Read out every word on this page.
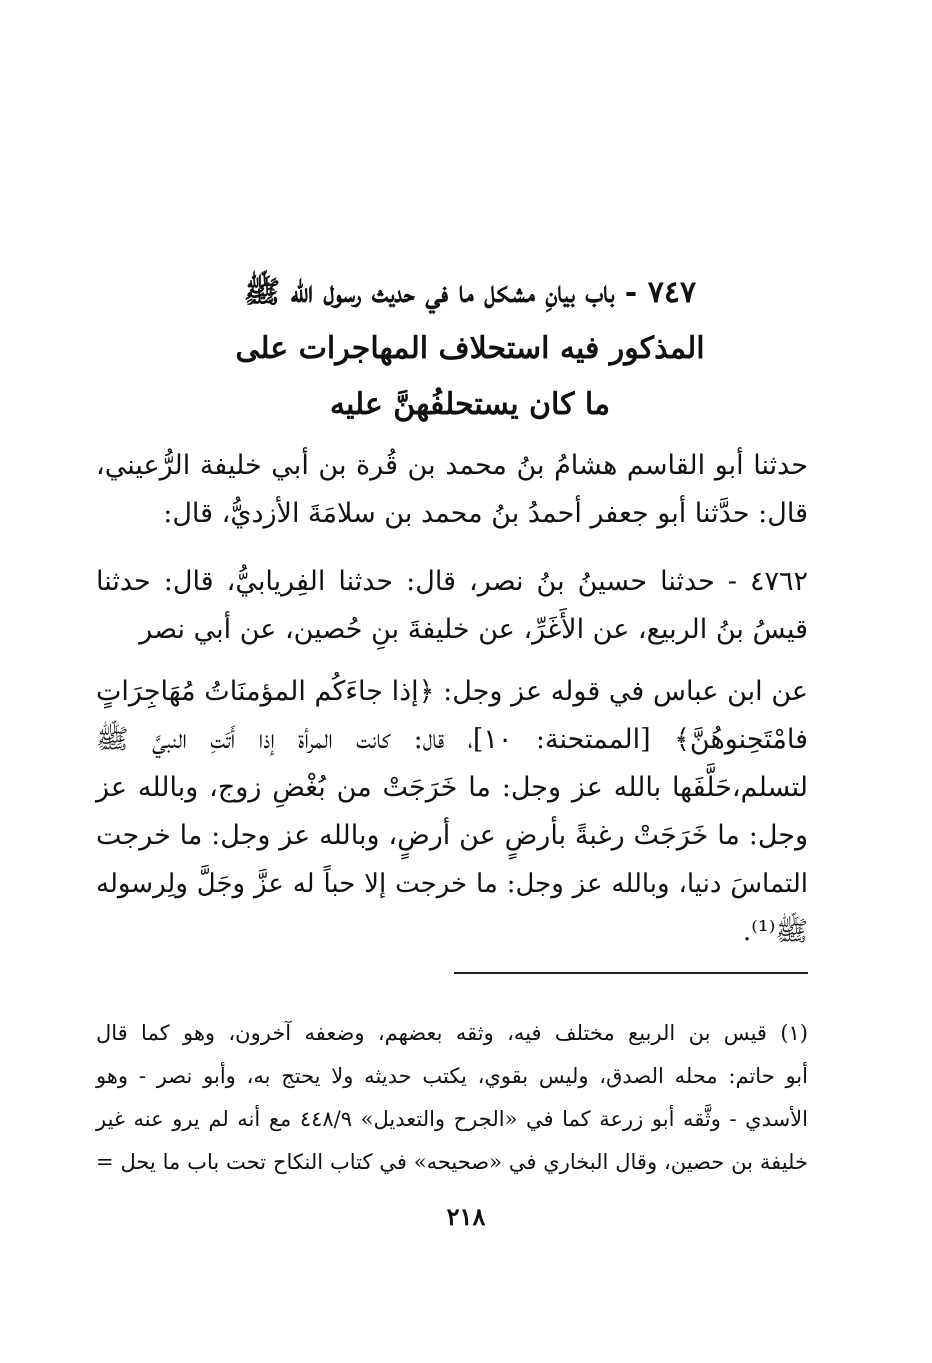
٧٤٧ - باب بيانِ مشكل ما في حديث رسول الله ﷺ
المذكور فيه استحلاف المهاجرات على
ما كان يستحلفُهنَّ عليه
حدثنا أبو القاسم هشامُ بنُ محمد بن قُرة بن أبي خليفة الرُّعيني،
قال: حدَّثنا أبو جعفر أحمدُ بنُ محمد بن سلامَةَ الأزديُّ، قال:
٤٧٦٢ - حدثنا حسينُ بنُ نصر، قال: حدثنا الفِريابيُّ، قال: حدثنا
قيسُ بنُ الربيع، عن الأَغَرِّ، عن خليفةَ بنِ حُصين، عن أبي نصر
عن ابن عباس في قوله عز وجل: ﴿إذا جاءَكُم المؤمنَاتُ مُهَاجِرَاتٍ
فامْتَحِنوهُنَّ﴾ [الممتحنة: ١٠]، قال: كانت المرأة إذا أَتَتِ النبيَّ ﷺ
لتسلم،حَلَّفَها بالله عز وجل: ما خَرَجَتْ من بُغْضِ زوج، وبالله عز
وجل: ما خَرَجَتْ رغبةً بأرضٍ عن أرضٍ، وبالله عز وجل: ما خرجت
التماسَ دنيا، وبالله عز وجل: ما خرجت إلا حباً له عزَّ وجَلَّ ولِرسوله
ﷺ⁽¹⁾.
(١) قيس بن الربيع مختلف فيه، وثقه بعضهم، وضعفه آخرون، وهو كما قال
أبو حاتم: محله الصدق، وليس بقوي، يكتب حديثه ولا يحتج به، وأبو نصر - وهو
الأسدي - وثَّقه أبو زرعة كما في «الجرح والتعديل» ٤٤٨/٩ مع أنه لم يرو عنه غير
خليفة بن حصين، وقال البخاري في «صحيحه» في كتاب النكاح تحت باب ما يحل =
٢١٨
